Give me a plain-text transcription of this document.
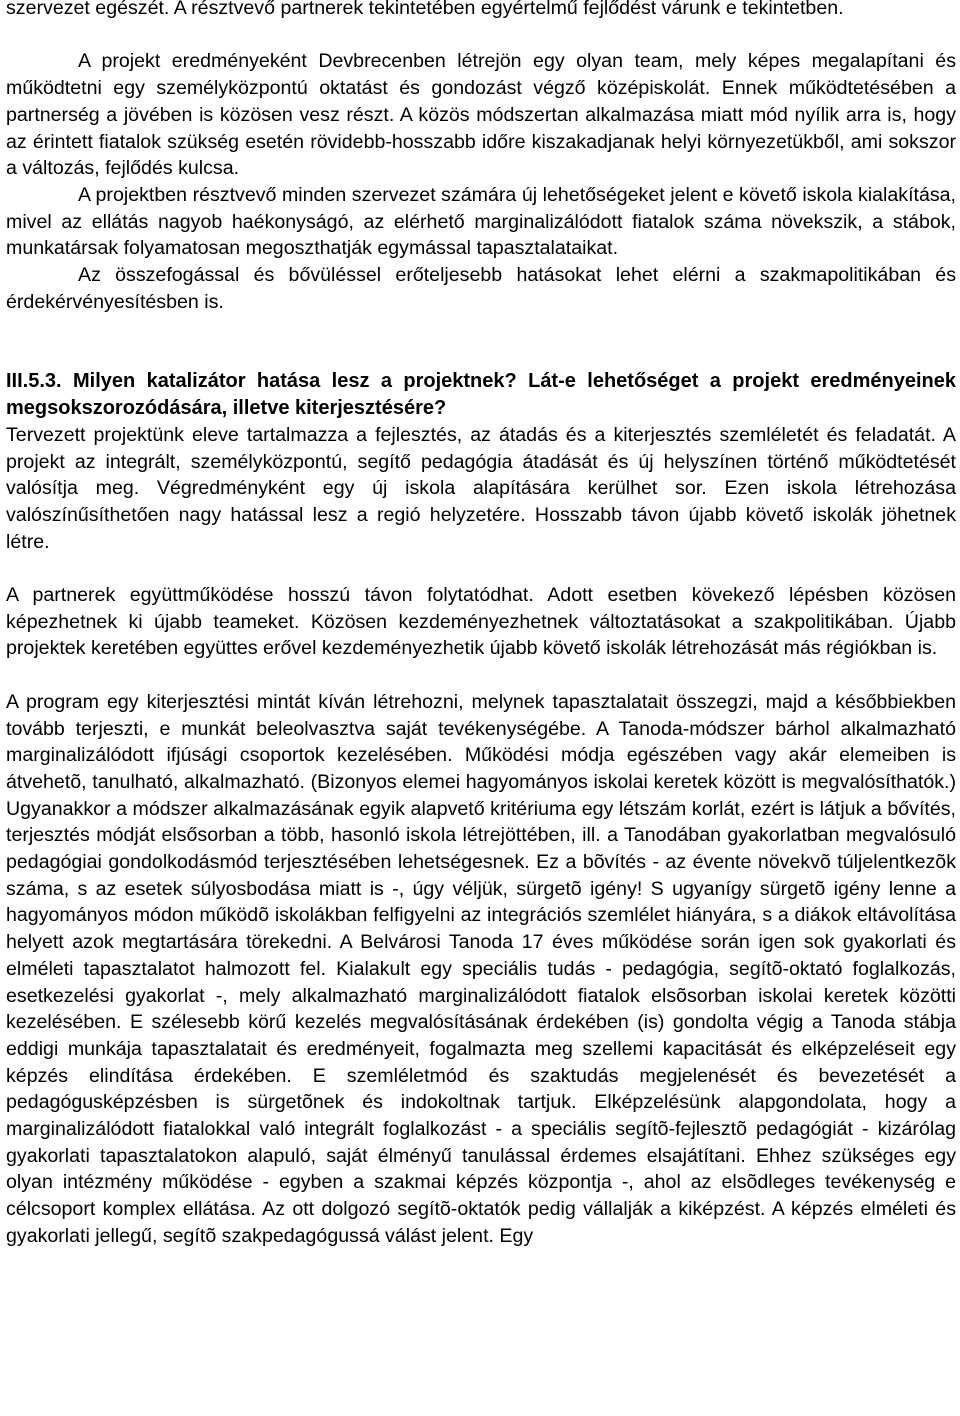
szervezet egészét. A résztvevő partnerek tekintetében egyértelmű fejlődést várunk e tekintetben.

A projekt eredményeként Devbrecenben létrejön egy olyan team, mely képes megalapítani és működtetni egy személyközpontú oktatást és gondozást végző középiskolát. Ennek működtetésében a partnerség a jövében is közösen vesz részt. A közös módszertan alkalmazása miatt mód nyílik arra is, hogy az érintett fiatalok szükség esetén rövidebb-hosszabb időre kiszakadjanak helyi környezetükből, ami sokszor a változás, fejlődés kulcsa.

A projektben résztvevő minden szervezet számára új lehetőségeket jelent e követő iskola kialakítása, mivel az ellátás nagyob haékonyságó, az elérhető marginalizálódott fiatalok száma növekszik, a stábok, munkatársak folyamatosan megoszthatják egymással tapasztalataikat.

Az összefogással és bővüléssel erőteljesebb hatásokat lehet elérni a szakmapolitikában és érdekérvényesítésben is.

III.5.3. Milyen katalizátor hatása lesz a projektnek? Lát-e lehetőséget a projekt eredményeinek megsokszorozódására, illetve kiterjesztésére?

Tervezett projektünk eleve tartalmazza a fejlesztés, az átadás és a kiterjesztés szemléletét és feladatát. A projekt az integrált, személyközpontú, segítő pedagógia átadását és új helyszínen történő működtetését valósítja meg. Végredményként egy új iskola alapítására kerülhet sor. Ezen iskola létrehozása valószínűsíthetően nagy hatással lesz a regió helyzetére. Hosszabb távon újabb követő iskolák jöhetnek létre.

A partnerek együttműködése hosszú távon folytatódhat. Adott esetben kövekező lépésben közösen képezhetnek ki újabb teameket. Közösen kezdeményezhetnek változtatásokat a szakpolitikában. Újabb projektek keretében együttes erővel kezdeményezhetik újabb követő iskolák létrehozását más régiókban is.

A program egy kiterjesztési mintát kíván létrehozni, melynek tapasztalatait összegzi, majd a későbbiekben tovább terjeszti, e munkát beleolvasztva saját tevékenységébe. A Tanoda-módszer bárhol alkalmazható marginalizálódott ifjúsági csoportok kezelésében. Működési módja egészében vagy akár elemeiben is átvehetõ, tanulható, alkalmazható. (Bizonyos elemei hagyományos iskolai keretek között is megvalósíthatók.) Ugyanakkor a módszer alkalmazásának egyik alapvető kritériuma egy létszám korlát, ezért is látjuk a bővítés, terjesztés módját elsősorban a több, hasonló iskola létrejöttében, ill. a Tanodában gyakorlatban megvalósuló pedagógiai gondolkodásmód terjesztésében lehetségesnek. Ez a bõvítés - az évente növekvõ túljelentkezõk száma, s az esetek súlyosbodása miatt is -, úgy véljük, sürgetõ igény! S ugyanígy sürgetõ igény lenne a hagyományos módon működõ iskolákban felfigyelni az integrációs szemlélet hiányára, s a diákok eltávolítása helyett azok megtartására törekedni. A Belvárosi Tanoda 17 éves működése során igen sok gyakorlati és elméleti tapasztalatot halmozott fel. Kialakult egy speciális tudás - pedagógia, segítõ-oktató foglalkozás, esetkezelési gyakorlat -, mely alkalmazható marginalizálódott fiatalok elsõsorban iskolai keretek közötti kezelésében. E szélesebb körű kezelés megvalósításának érdekében (is) gondolta végig a Tanoda stábja eddigi munkája tapasztalatait és eredményeit, fogalmazta meg szellemi kapacitását és elképzeléseit egy képzés elindítása érdekében. E szemléletmód és szaktudás megjelenését és bevezetését a pedagógusképzésben is sürgetõnek és indokoltnak tartjuk. Elképzelésünk alapgondolata, hogy a marginalizálódott fiatalokkal való integrált foglalkozást - a speciális segítõ-fejlesztõ pedagógiát - kizárólag gyakorlati tapasztalatokon alapuló, saját élményű tanulással érdemes elsajátítani. Ehhez szükséges egy olyan intézmény működése - egyben a szakmai képzés központja -, ahol az elsõdleges tevékenység e célcsoport komplex ellátása. Az ott dolgozó segítõ-oktatók pedig vállalják a kiképzést. A képzés elméleti és gyakorlati jellegű, segítõ szakpedagógussá válást jelent. Egy
